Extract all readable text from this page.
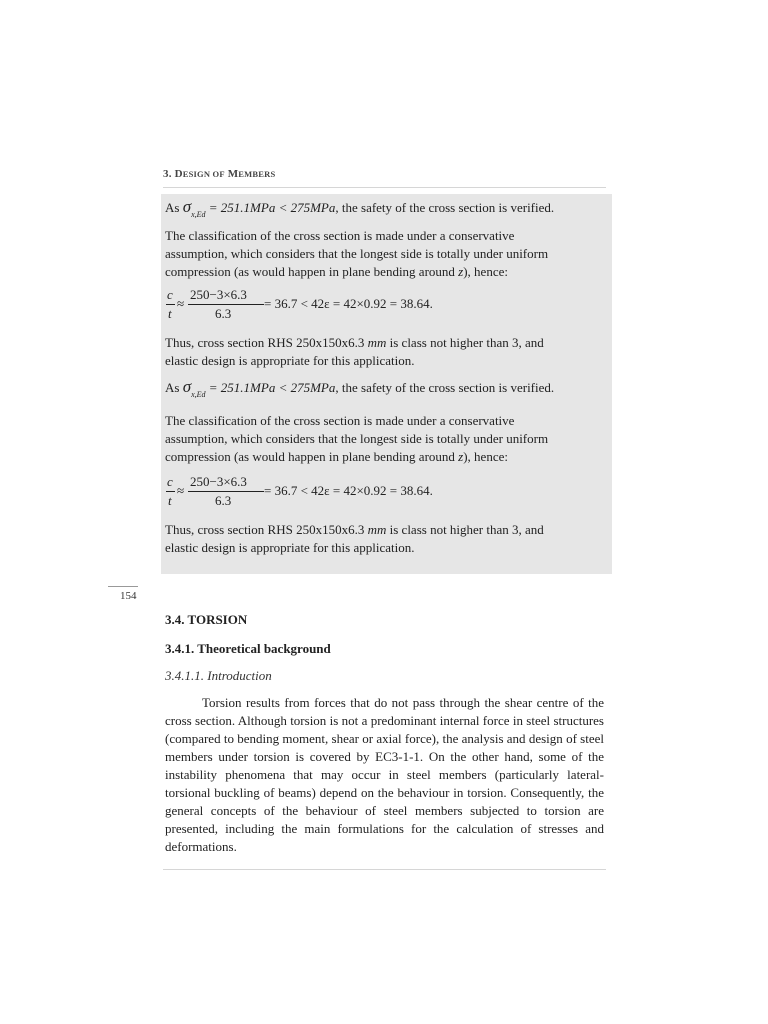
3. DESIGN OF MEMBERS
As $\sigma_{x,Ed} = 251.1MPa < 275MPa$, the safety of the cross section is verified.
The classification of the cross section is made under a conservative
assumption, which considers that the longest side is totally under uniform
compression (as would happen in plane bending around z), hence:
c
t
≈
250−3×6.3
6.3
= 36.7 < 42ε = 42×0.92 = 38.64.
Thus, cross section RHS 250x150x6.3 mm is class not higher than 3, and
elastic design is appropriate for this application.
As $\sigma_{x,Ed} = 251.1MPa < 275MPa$, the safety of the cross section is verified.
The classification of the cross section is made under a conservative
assumption, which considers that the longest side is totally under uniform
compression (as would happen in plane bending around z), hence:
c
t
≈
250−3×6.3
6.3
= 36.7 < 42ε = 42×0.92 = 38.64.
Thus, cross section RHS 250x150x6.3 mm is class not higher than 3, and
elastic design is appropriate for this application.
154
3.4. TORSION
3.4.1. Theoretical background
3.4.1.1. Introduction
Torsion results from forces that do not pass through the shear centre of the cross section. Although torsion is not a predominant internal force in steel structures (compared to bending moment, shear or axial force), the analysis and design of steel members under torsion is covered by EC3-1-1. On the other hand, some of the instability phenomena that may occur in steel members (particularly lateral-torsional buckling of beams) depend on the behaviour in torsion. Consequently, the general concepts of the behaviour of steel members subjected to torsion are presented, including the main formulations for the calculation of stresses and deformations.
